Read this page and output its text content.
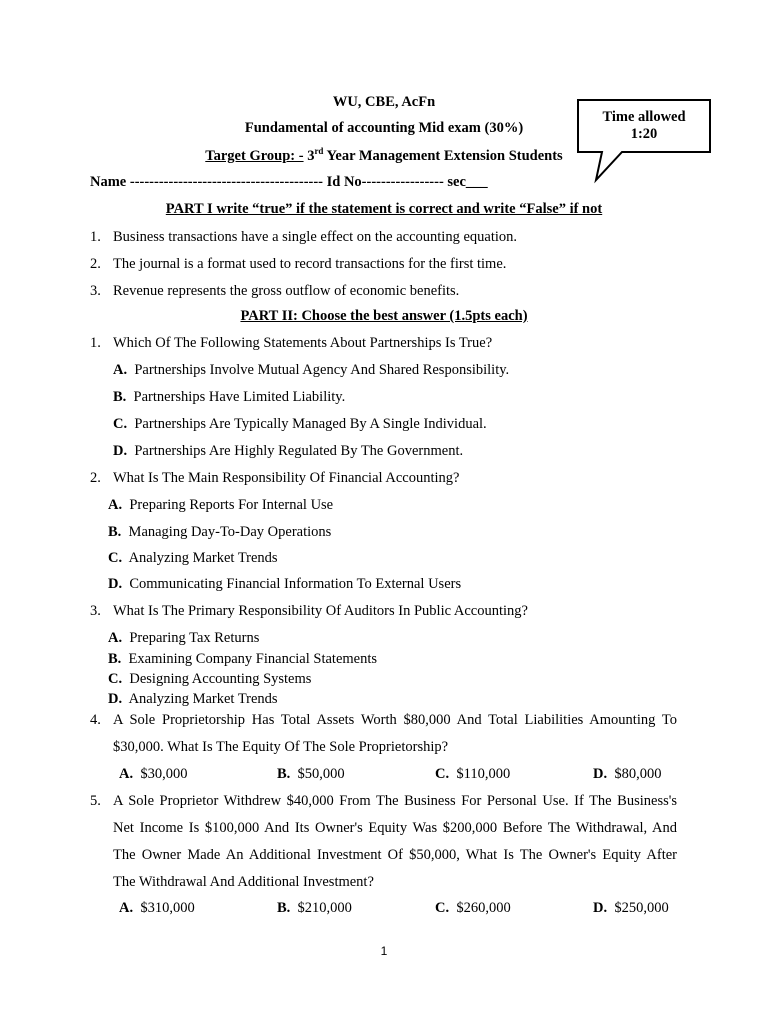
WU, CBE, AcFn
Fundamental of accounting Mid exam (30%)
Target Group: - 3rd Year Management Extension Students
Name ---------------------------------------- Id No----------------- sec___
Time allowed
1:20
PART I write “true” if the statement is correct and write “False” if not
1. Business transactions have a single effect on the accounting equation.
2. The journal is a format used to record transactions for the first time.
3. Revenue represents the gross outflow of economic benefits.
PART II: Choose the best answer (1.5pts each)
1. Which Of The Following Statements About Partnerships Is True?
A. Partnerships Involve Mutual Agency And Shared Responsibility.
B. Partnerships Have Limited Liability.
C. Partnerships Are Typically Managed By A Single Individual.
D. Partnerships Are Highly Regulated By The Government.
2. What Is The Main Responsibility Of Financial Accounting?
A. Preparing Reports For Internal Use
B. Managing Day-To-Day Operations
C. Analyzing Market Trends
D.  Communicating Financial Information To External Users
3. What Is The Primary Responsibility Of Auditors In Public Accounting?
A. Preparing Tax Returns
B. Examining Company Financial Statements
C. Designing Accounting Systems
D. Analyzing Market Trends
4. A Sole Proprietorship Has Total Assets Worth $80,000 And Total Liabilities Amounting To
$30,000. What Is The Equity Of The Sole Proprietorship?
A. $30,000	B. $50,000	C. $110,000	D. $80,000
5. A Sole Proprietor Withdrew $40,000 From The Business For Personal Use. If The Business's
Net Income Is $100,000 And Its Owner's Equity Was $200,000 Before The Withdrawal, And
The Owner Made An Additional Investment Of $50,000, What Is The Owner's Equity After
The Withdrawal And Additional Investment?
A. $310,000	B. $210,000	C. $260,000	D. $250,000
1
